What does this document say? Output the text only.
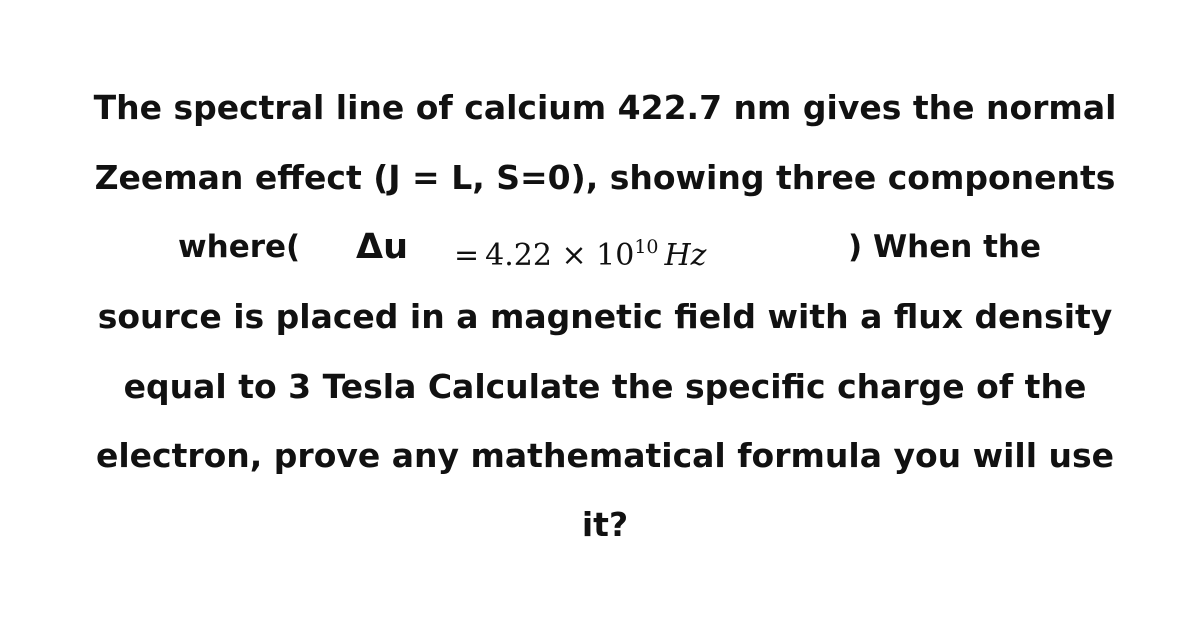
The spectral line of calcium 422.7 nm gives the normal
Zeeman effect (J = L, S=0), showing three components
where( $\Delta u = 4.22 \times 10^{10}$  Hz	) When the
source is placed in a magnetic field with a flux density
equal to 3 Tesla Calculate the specific charge of the
electron, prove any mathematical formula you will use
it?
